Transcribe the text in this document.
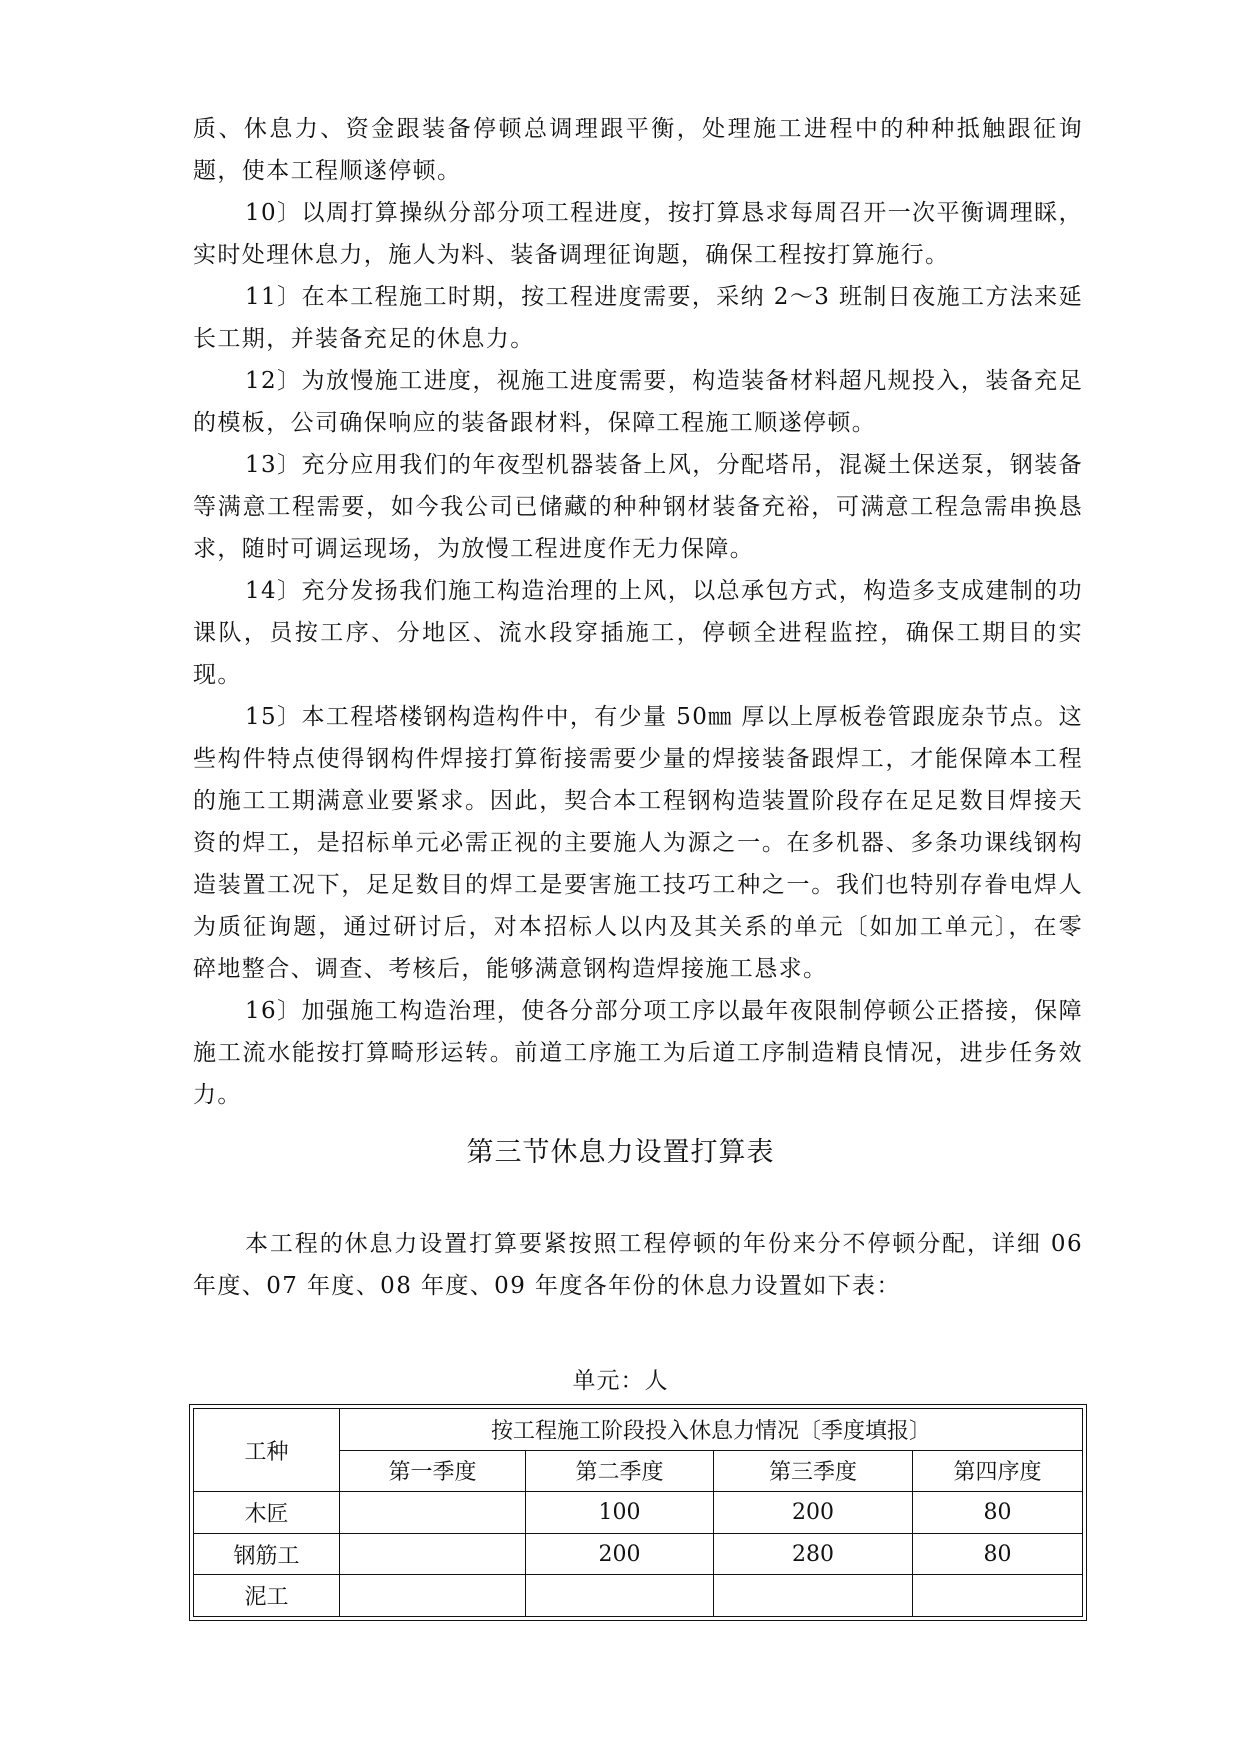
质、休息力、资金跟装备停顿总调理跟平衡，处理施工进程中的种种抵触跟征询题，使本工程顺遂停顿。

10〕以周打算操纵分部分项工程进度，按打算恳求每周召开一次平衡调理睬，实时处理休息力，施人为料、装备调理征询题，确保工程按打算施行。

11〕在本工程施工时期，按工程进度需要，采纳 2～3 班制日夜施工方法来延长工期，并装备充足的休息力。

12〕为放慢施工进度，视施工进度需要，构造装备材料超凡规投入，装备充足的模板，公司确保响应的装备跟材料，保障工程施工顺遂停顿。

13〕充分应用我们的年夜型机器装备上风，分配塔吊，混凝土保送泵，钢装备等满意工程需要，如今我公司已储藏的种种钢材装备充裕，可满意工程急需串换恳求，随时可调运现场，为放慢工程进度作无力保障。

14〕充分发扬我们施工构造治理的上风，以总承包方式，构造多支成建制的功课队，员按工序、分地区、流水段穿插施工，停顿全进程监控，确保工期目的实现。

15〕本工程塔楼钢构造构件中，有少量 50㎜ 厚以上厚板卷管跟庞杂节点。这些构件特点使得钢构件焊接打算衔接需要少量的焊接装备跟焊工，才能保障本工程的施工工期满意业要紧求。因此，契合本工程钢构造装置阶段存在足足数目焊接天资的焊工，是招标单元必需正视的主要施人为源之一。在多机器、多条功课线钢构造装置工况下，足足数目的焊工是要害施工技巧工种之一。我们也特别存眷电焊人为质征询题，通过研讨后，对本招标人以内及其关系的单元〔如加工单元〕，在零碎地整合、调查、考核后，能够满意钢构造焊接施工恳求。

16〕加强施工构造治理，使各分部分项工序以最年夜限制停顿公正搭接，保障施工流水能按打算畸形运转。前道工序施工为后道工序制造精良情况，进步任务效力。

第三节休息力设置打算表

本工程的休息力设置打算要紧按照工程停顿的年份来分不停顿分配，详细 06 年度、07 年度、08 年度、09 年度各年份的休息力设置如下表：

单元：人
工种	按工程施工阶段投入休息力情况〔季度填报〕			
	第一季度	第二季度	第三季度	第四序度
木匠		100	200	80
钢筋工		200	280	80
泥工				
